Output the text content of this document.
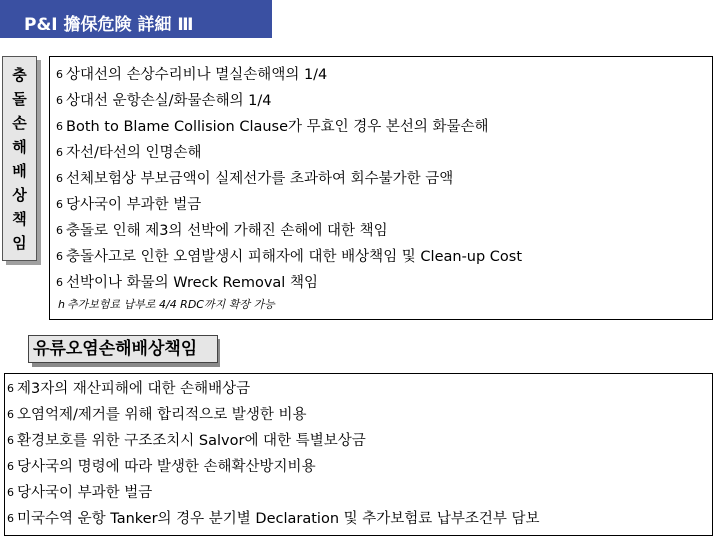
P&I 擔保危険 詳細 Ⅲ
충
돌
손
해
배
상
책
임
6 상대선의 손상수리비나 멸실손해액의 1/4
6 상대선 운항손실/화물손해의 1/4
6 Both to Blame Collision Clause가 무효인 경우 본선의 화물손해
6 자선/타선의 인명손해
6 선체보험상 부보금액이 실제선가를 초과하여 회수불가한 금액
6 당사국이 부과한 벌금
6 충돌로 인해 제3의 선박에 가해진 손해에 대한 책임
6 충돌사고로 인한 오염발생시 피해자에 대한 배상책임 및 Clean-up Cost
6 선박이나 화물의 Wreck Removal 책임
h 추가보험료 납부로 4/4 RDC까지 확장 가능
유류오염손해배상책임
6 제3자의 재산피해에 대한 손해배상금
6 오염억제/제거를 위해 합리적으로 발생한 비용
6 환경보호를 위한 구조조치시 Salvor에 대한 특별보상금
6 당사국의 명령에 따라 발생한 손해확산방지비용
6 당사국이 부과한 벌금
6 미국수역 운항 Tanker의 경우 분기별 Declaration 및 추가보험료 납부조건부 담보
